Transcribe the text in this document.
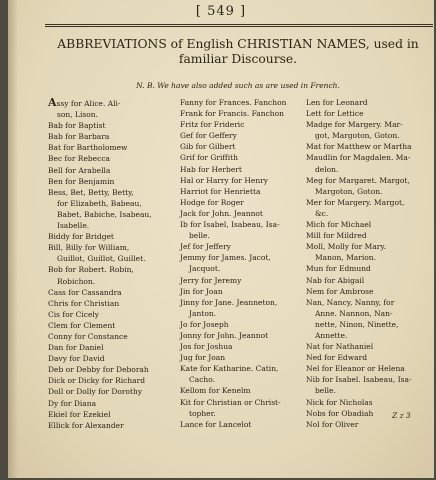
[ 549 ]
ABBREVIATIONS of English CHRISTIAN NAMES, used in familiar Discourse.
N. B. We have also added such as are used in French.
Assy for Alice. Ali-
son, Lison.
Bab for Baptist
Bab for Barbara
Bat for Bartholomew
Bec for Rebecca
Bell for Arabella
Ben for Benjamin
Bess, Bet, Betty, Betty,
for Elizabeth, Babeau,
Babet, Babiche, Isabeau,
Isabelle.
Biddy for Bridget
Bill, Billy for William,
Guillot, Guillot, Guillet.
Bob for Robert. Robin,
Robichon.
Cass for Cassandra
Chris for Christian
Cis for Cicely
Clem for Clement
Conny for Constance
Dan for Daniel
Davy for David
Deb or Debby for Deborah
Dick or Dicky for Richard
Doll or Dolly for Dorothy
Dy for Diana
Ekiel for Ezekiel
Ellick for Alexander
Fanny for Frances. Fanchon
Frank for Francis. Fanchon
Fritz for Frideric
Gef for Geffery
Gib for Gilbert
Grif for Griffith
Hab for Herbert
Hal or Harry for Henry
Harriot for Henrietta
Hodge for Roger
Jack for John. Jeannot
Ib for Isabel, Isabeau, Isa-
belle.
Jef for Jeffery
Jemmy for James. Jacot,
Jacquot.
Jerry for Jeremy
Jin for Joan
Jinny for Jane. Jeanneton,
Janton.
Jo for Joseph
Jonny for John. Jeannot
Jos for Joshua
Jug for Joan
Kate for Katharine. Catin,
Cacho.
Kellom for Kenelm
Kit for Christian or Christ-
topher.
Lance for Lancelot
Len for Leonard
Lett for Lettice
Madge for Margery. Mar-
got, Margoton, Goton.
Mat for Matthew or Martha
Maudlin for Magdalen. Ma-
delon.
Meg for Margaret. Margot,
Margoton, Goton.
Mer for Margery. Margot,
&c.
Mich for Michael
Mill for Mildred
Moll, Molly for Mary.
Manon, Marion.
Mun for Edmund
Nab for Abigail
Nem for Ambrose
Nan, Nancy, Nanny, for
Anne. Nannon, Nan-
nette, Ninon, Ninette,
Annette.
Nat for Nathaniel
Ned for Edward
Nel for Eleanor or Helena
Nib for Isabel. Isabeau, Isa-
belle.
Nick for Nicholas
Nobs for Obadiah
Nol for Oliver
Z z 3
